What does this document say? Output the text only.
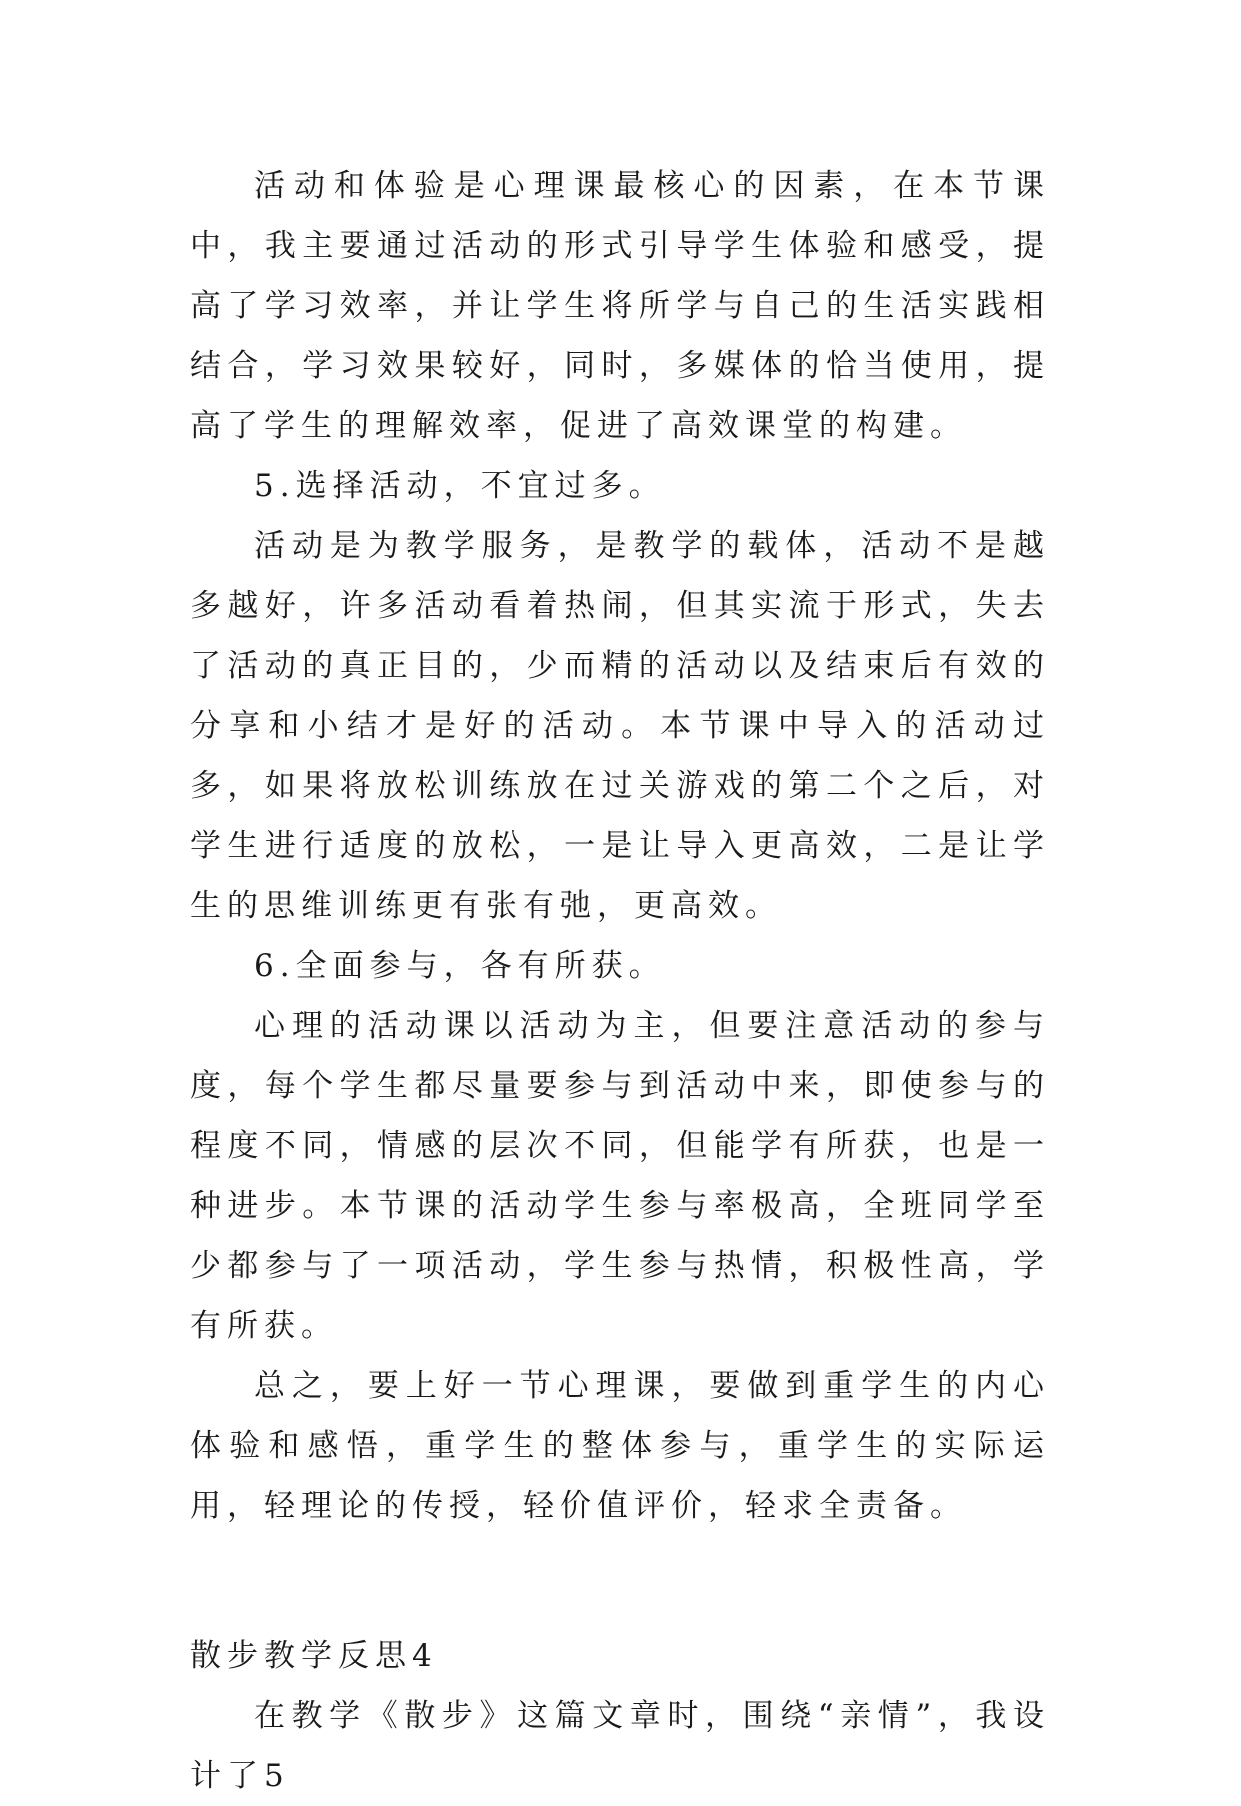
活动和体验是心理课最核心的因素，在本节课中，我主要通过活动的形式引导学生体验和感受，提高了学习效率，并让学生将所学与自己的生活实践相结合，学习效果较好，同时，多媒体的恰当使用，提高了学生的理解效率，促进了高效课堂的构建。

5.选择活动，不宜过多。

活动是为教学服务，是教学的载体，活动不是越多越好，许多活动看着热闹，但其实流于形式，失去了活动的真正目的，少而精的活动以及结束后有效的分享和小结才是好的活动。本节课中导入的活动过多，如果将放松训练放在过关游戏的第二个之后，对学生进行适度的放松，一是让导入更高效，二是让学生的思维训练更有张有弛，更高效。

6.全面参与，各有所获。

心理的活动课以活动为主，但要注意活动的参与度，每个学生都尽量要参与到活动中来，即使参与的程度不同，情感的层次不同，但能学有所获，也是一种进步。本节课的活动学生参与率极高，全班同学至少都参与了一项活动，学生参与热情，积极性高，学有所获。

总之，要上好一节心理课，要做到重学生的内心体验和感悟，重学生的整体参与，重学生的实际运用，轻理论的传授，轻价值评价，轻求全责备。

散步教学反思4

在教学《散步》这篇文章时，围绕“亲情”，我设计了5
